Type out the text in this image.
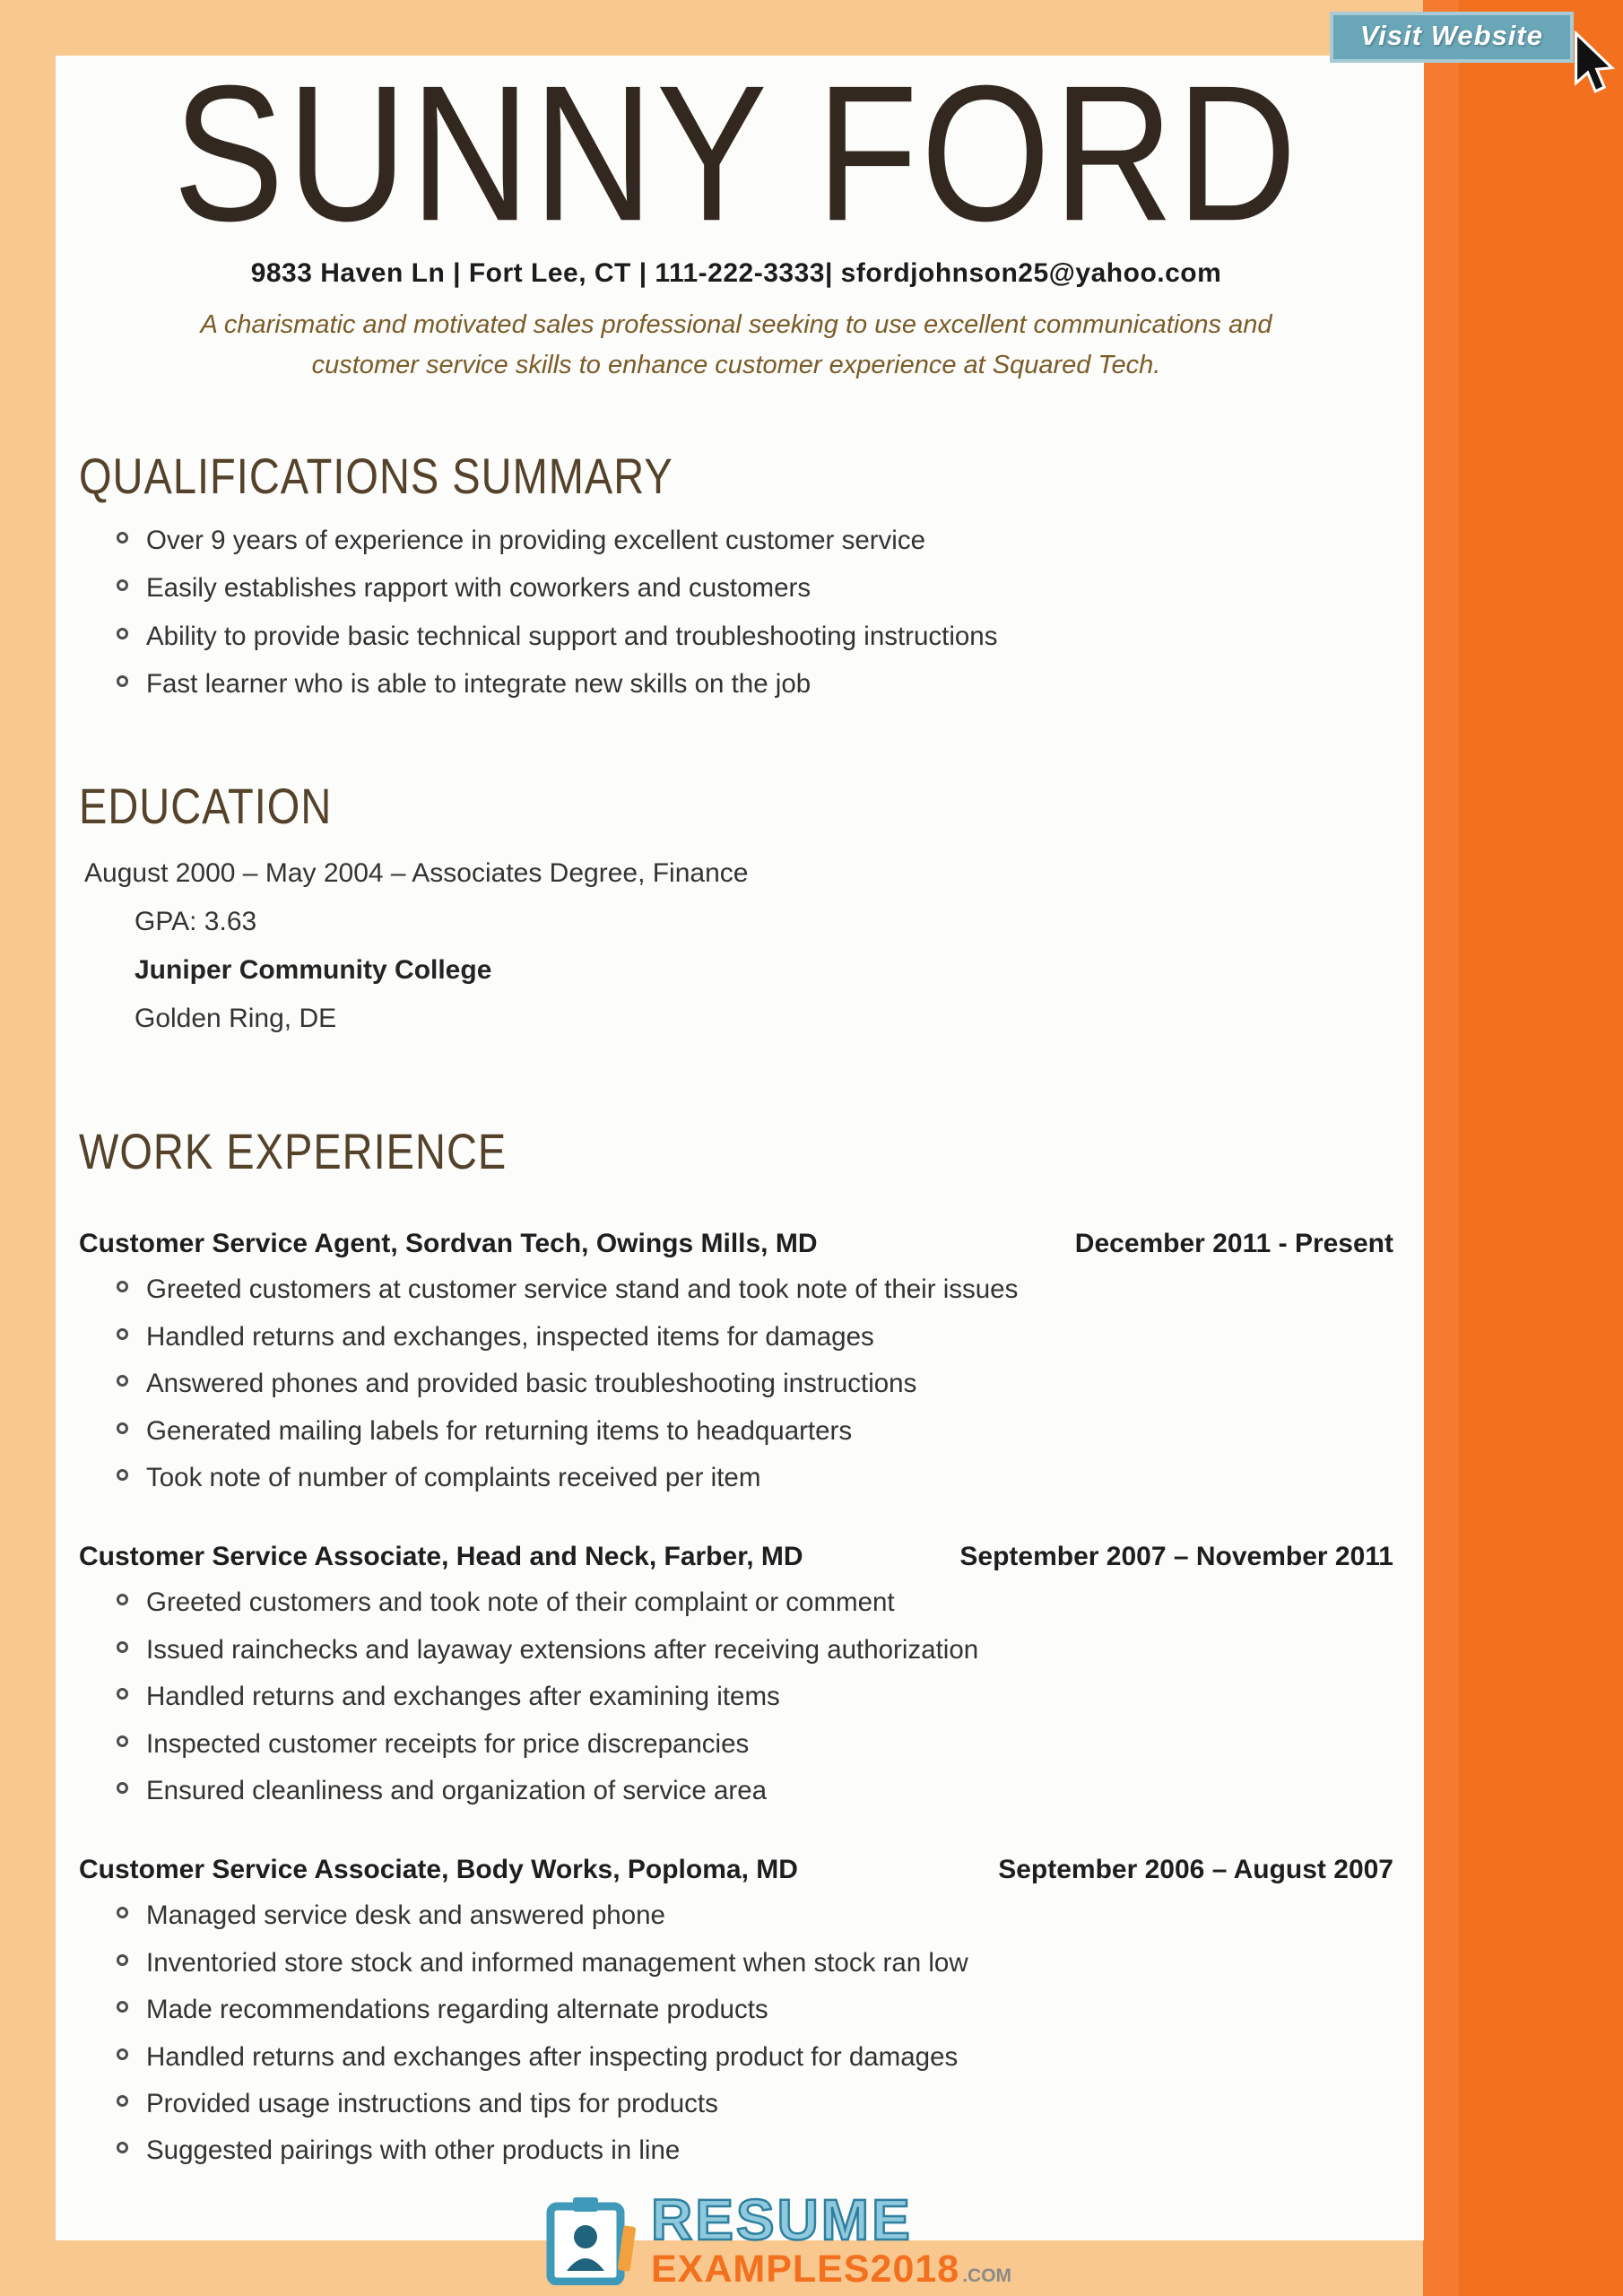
Visit Website
SUNNY FORD
9833 Haven Ln | Fort Lee, CT | 111-222-3333| sfordjohnson25@yahoo.com
A charismatic and motivated sales professional seeking to use excellent communications and customer service skills to enhance customer experience at Squared Tech.
QUALIFICATIONS SUMMARY
Over 9 years of experience in providing excellent customer service
Easily establishes rapport with coworkers and customers
Ability to provide basic technical support and troubleshooting instructions
Fast learner who is able to integrate new skills on the job
EDUCATION
August 2000 – May 2004 – Associates Degree, Finance
GPA: 3.63
Juniper Community College
Golden Ring, DE
WORK EXPERIENCE
Customer Service Agent, Sordvan Tech, Owings Mills, MD	December 2011 - Present
Greeted customers at customer service stand and took note of their issues
Handled returns and exchanges, inspected items for damages
Answered phones and provided basic troubleshooting instructions
Generated mailing labels for returning items to headquarters
Took note of number of complaints received per item
Customer Service Associate, Head and Neck, Farber, MD	September 2007 – November 2011
Greeted customers and took note of their complaint or comment
Issued rainchecks and layaway extensions after receiving authorization
Handled returns and exchanges after examining items
Inspected customer receipts for price discrepancies
Ensured cleanliness and organization of service area
Customer Service Associate, Body Works, Poploma, MD	September 2006 – August 2007
Managed service desk and answered phone
Inventoried store stock and informed management when stock ran low
Made recommendations regarding alternate products
Handled returns and exchanges after inspecting product for damages
Provided usage instructions and tips for products
Suggested pairings with other products in line
RESUME
EXAMPLES2018 .COM
